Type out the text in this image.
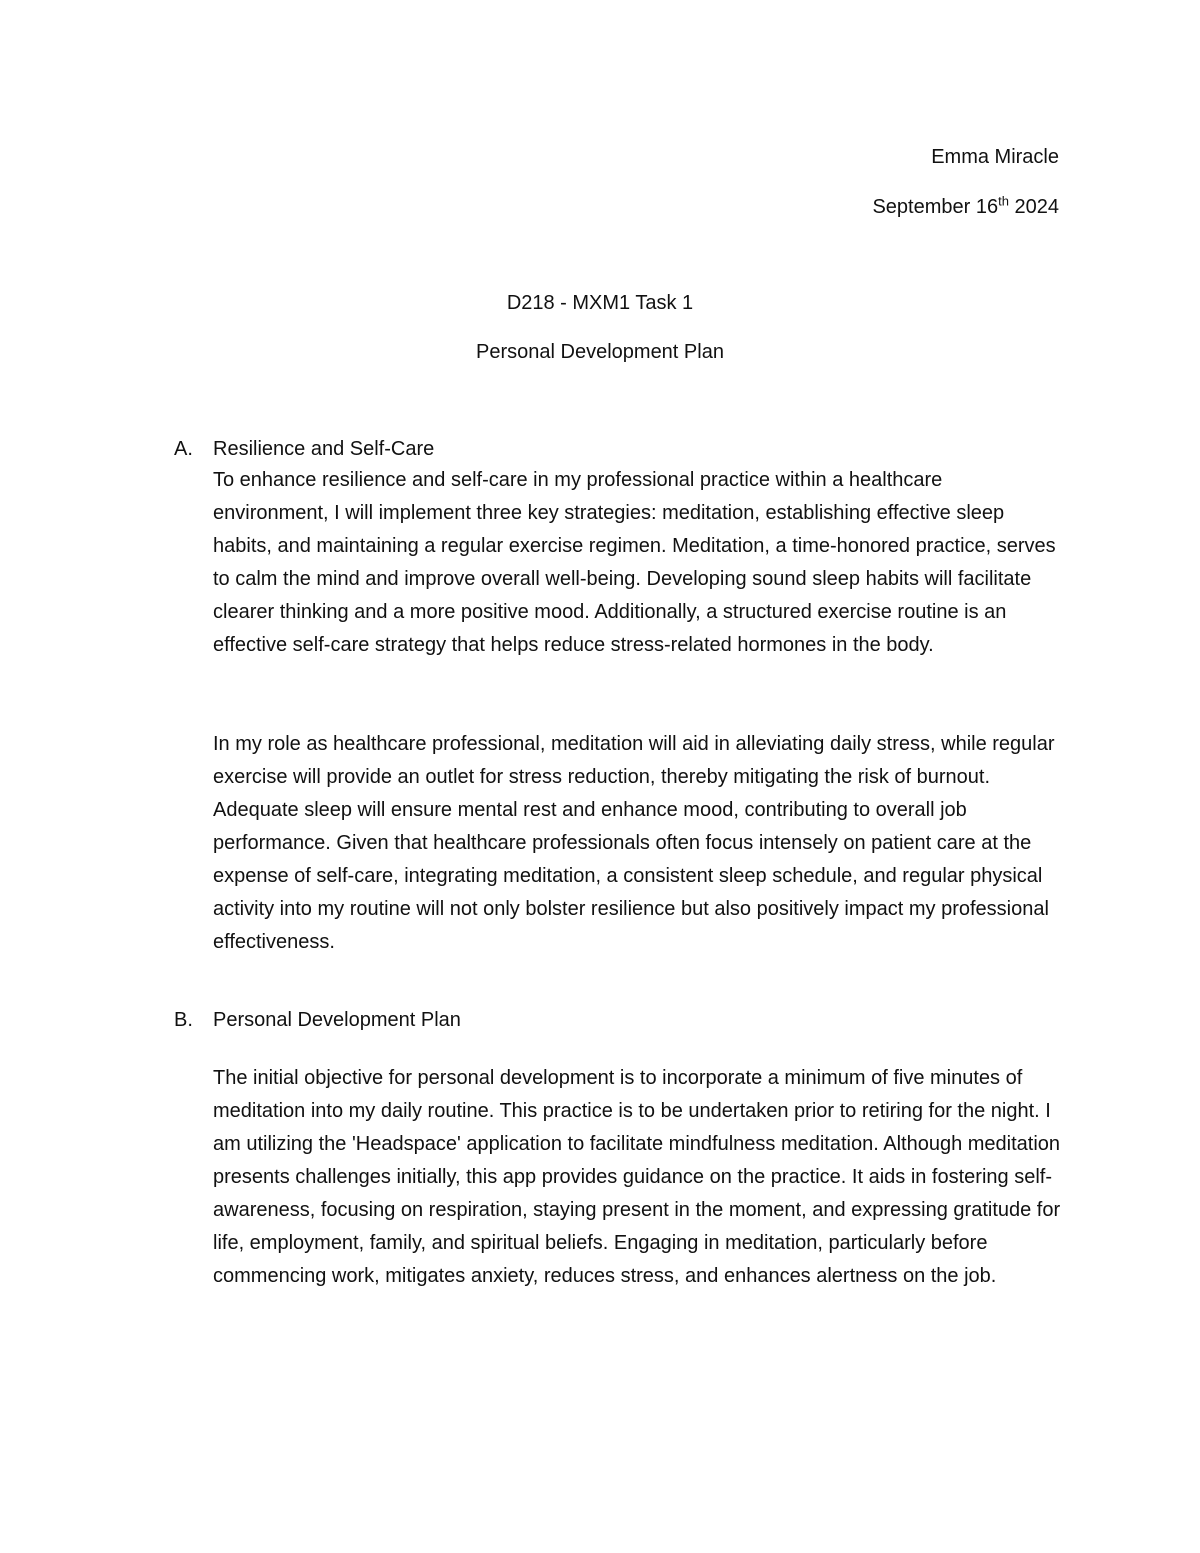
Emma Miracle
September 16th 2024
D218 - MXM1 Task 1
Personal Development Plan
A. Resilience and Self-Care

To enhance resilience and self-care in my professional practice within a healthcare environment, I will implement three key strategies: meditation, establishing effective sleep habits, and maintaining a regular exercise regimen. Meditation, a time-honored practice, serves to calm the mind and improve overall well-being. Developing sound sleep habits will facilitate clearer thinking and a more positive mood. Additionally, a structured exercise routine is an effective self-care strategy that helps reduce stress-related hormones in the body.

In my role as healthcare professional, meditation will aid in alleviating daily stress, while regular exercise will provide an outlet for stress reduction, thereby mitigating the risk of burnout. Adequate sleep will ensure mental rest and enhance mood, contributing to overall job performance. Given that healthcare professionals often focus intensely on patient care at the expense of self-care, integrating meditation, a consistent sleep schedule, and regular physical activity into my routine will not only bolster resilience but also positively impact my professional effectiveness.

B. Personal Development Plan

The initial objective for personal development is to incorporate a minimum of five minutes of meditation into my daily routine. This practice is to be undertaken prior to retiring for the night. I am utilizing the 'Headspace' application to facilitate mindfulness meditation. Although meditation presents challenges initially, this app provides guidance on the practice. It aids in fostering self-awareness, focusing on respiration, staying present in the moment, and expressing gratitude for life, employment, family, and spiritual beliefs. Engaging in meditation, particularly before commencing work, mitigates anxiety, reduces stress, and enhances alertness on the job.
